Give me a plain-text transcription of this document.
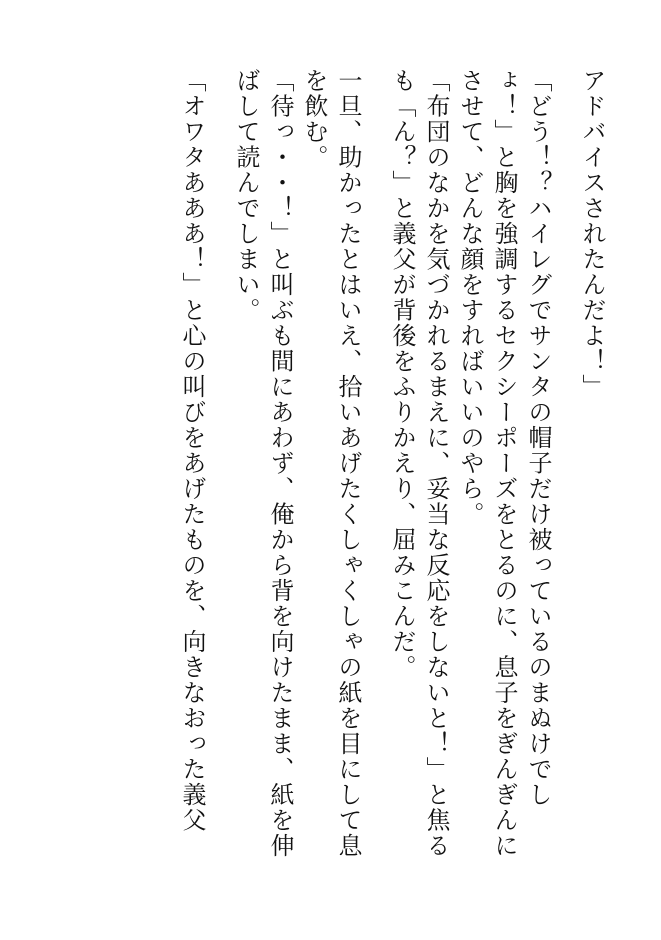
アドバイスされたんだよ！」
「どう！？ハイレグでサンタの帽子だけ被っているのまぬけでし
ょ！」と胸を強調するセクシーポーズをとるのに、息子をぎんぎんに
させて、どんな顔をすればいいのやら。
「布団のなかを気づかれるまえに、妥当な反応をしないと！」と焦る
も「ん？」と義父が背後をふりかえり、屈みこんだ。
一旦、助かったとはいえ、拾いあげたくしゃくしゃの紙を目にして息
を飲む。
「待っ・・！」と叫ぶも間にあわず、俺から背を向けたまま、紙を伸
ばして読んでしまい。
「オワタあああ！」と心の叫びをあげたものを、向きなおった義父
